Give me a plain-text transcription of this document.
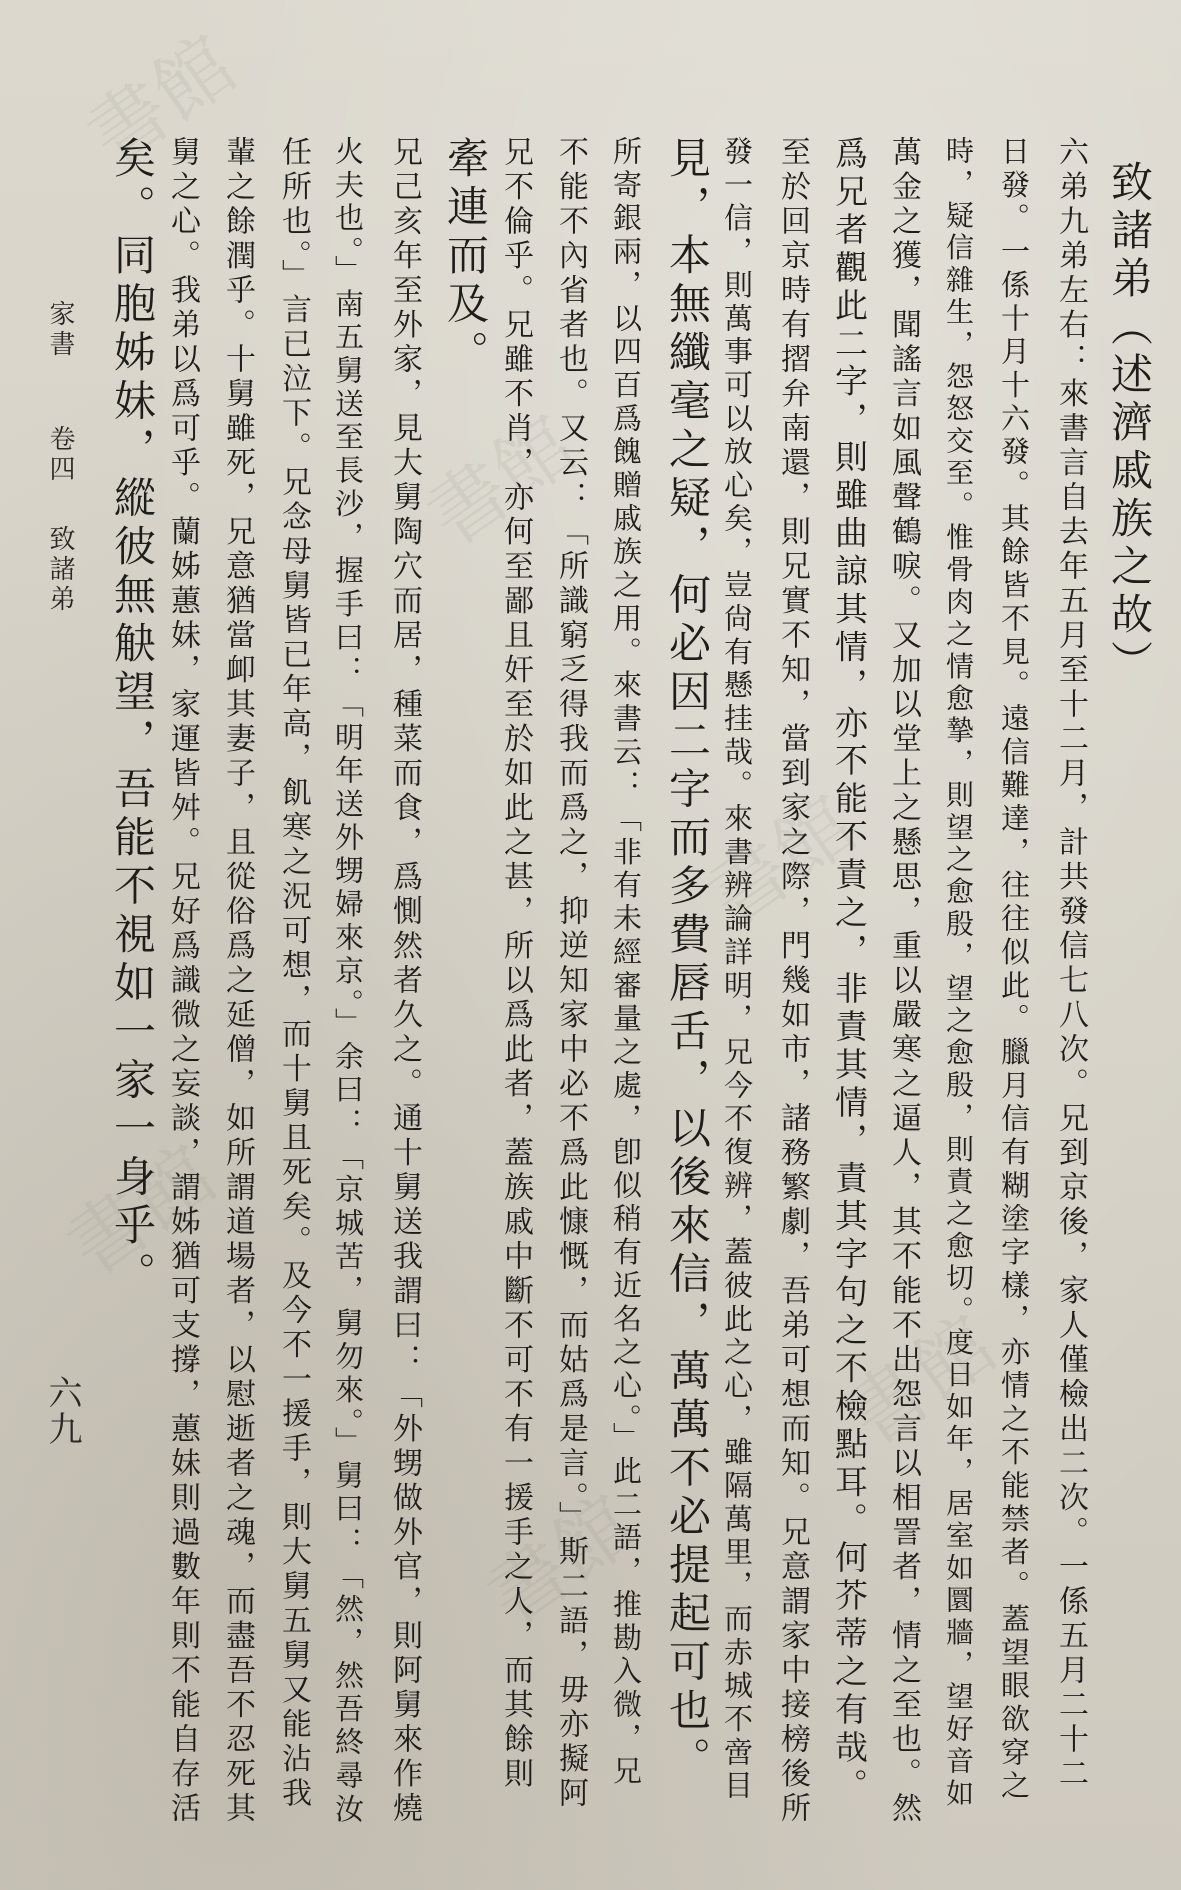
書館
書館
書館
書館
書館
書館
致諸弟（述濟戚族之故）
六弟九弟左右：來書言自去年五月至十二月，計共發信七八次。兄到京後，家人僅檢出二次。一係五月二十二
日發。一係十月十六發。其餘皆不見。遠信難達，往往似此。臘月信有糊塗字樣，亦情之不能禁者。蓋望眼欲穿之
時，疑信雜生，怨怒交至。惟骨肉之情愈摯，則望之愈殷，望之愈殷，則責之愈切。度日如年，居室如圜牆，望好音如
萬金之獲，聞謠言如風聲鶴唳。又加以堂上之懸思，重以嚴寒之逼人，其不能不出怨言以相詈者，情之至也。然
爲兄者觀此二字，則雖曲諒其情，亦不能不責之，非責其情，責其字句之不檢點耳。何芥蒂之有哉。
至於回京時有摺弁南還，則兄實不知，當到家之際，門幾如市，諸務繁劇，吾弟可想而知。兄意謂家中接榜後所
發一信，則萬事可以放心矣，豈尙有懸挂哉。來書辨論詳明，兄今不復辨，蓋彼此之心，雖隔萬里，而赤城不啻目
見，本無纖毫之疑，何必因二字而多費唇舌，以後來信，萬萬不必提起可也。
所寄銀兩，以四百爲餽贈戚族之用。來書云：「非有未經審量之處，卽似稍有近名之心。」此二語，推勘入微，兄
不能不內省者也。又云：「所識窮乏得我而爲之，抑逆知家中必不爲此慷慨，而姑爲是言。」斯二語，毋亦擬阿
兄不倫乎。兄雖不肖，亦何至鄙且奸至於如此之甚，所以爲此者，蓋族戚中斷不可不有一援手之人，而其餘則
牽連而及。
兄己亥年至外家，見大舅陶穴而居，種菜而食，爲惻然者久之。通十舅送我謂曰：「外甥做外官，則阿舅來作燒
火夫也。」南五舅送至長沙，握手曰：「明年送外甥婦來京。」余曰：「京城苦，舅勿來。」舅曰：「然，然吾終尋汝
任所也。」言已泣下。兄念母舅皆已年高，飢寒之況可想，而十舅且死矣。及今不一援手，則大舅五舅又能沾我
輩之餘潤乎。十舅雖死，兄意猶當卹其妻子，且從俗爲之延僧，如所謂道場者，以慰逝者之魂，而盡吾不忍死其
舅之心。我弟以爲可乎。蘭姊蕙妹，家運皆舛。兄好爲識微之妄談，謂姊猶可支撐，蕙妹則過數年則不能自存活
矣。同胞姊妹，縱彼無觖望，吾能不視如一家一身乎。
家書
卷四
致諸弟
六九
